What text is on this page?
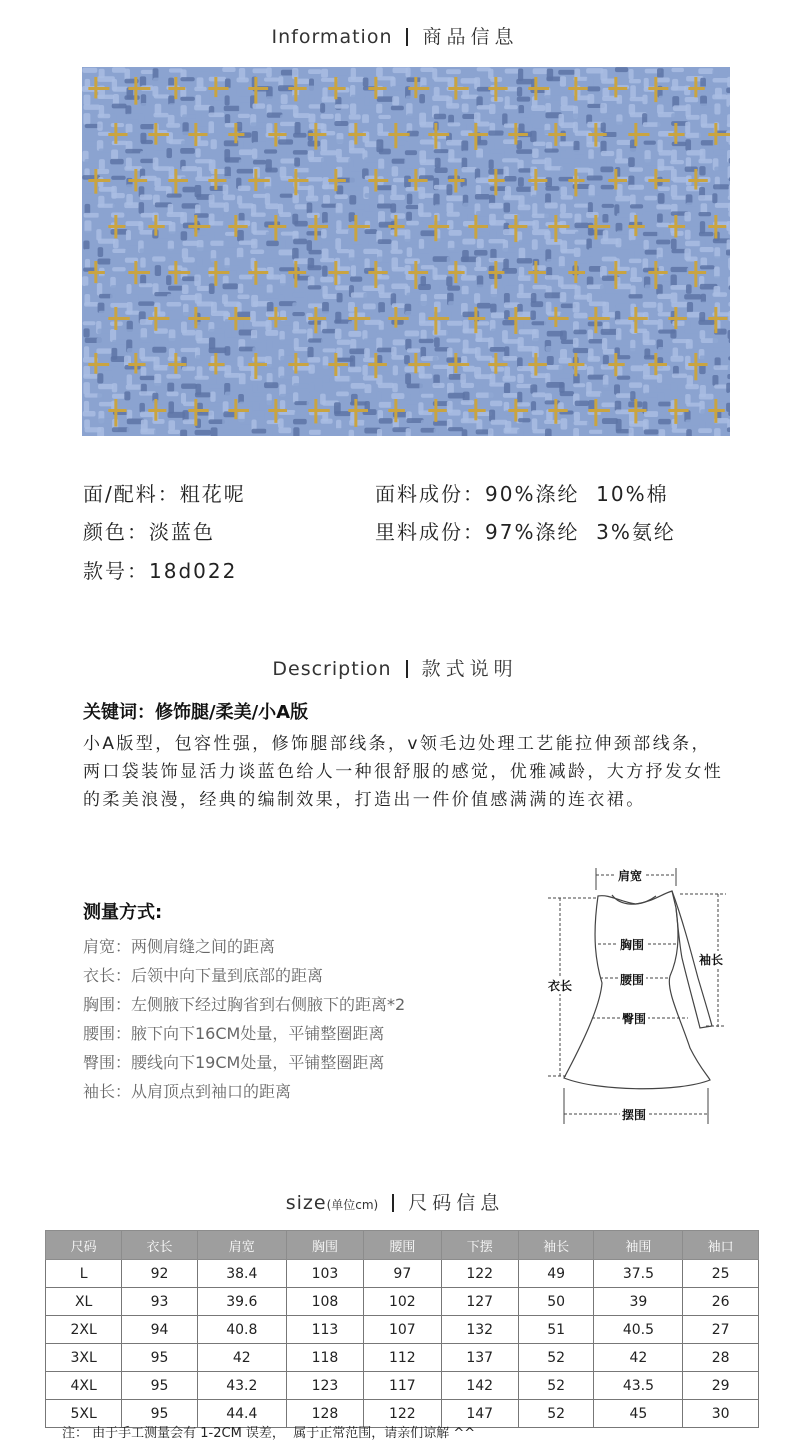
Information 商品信息
面/配料：粗花呢
颜色：淡蓝色
款号：18d022
面料成份：90%涤纶  10%棉
里料成份：97%涤纶  3%氨纶
Description 款式说明
关键词：修饰腿/柔美/小A版
小A版型，包容性强，修饰腿部线条，v领毛边处理工艺能拉伸颈部线条，两口袋装饰显活力谈蓝色给人一种很舒服的感觉，优雅减龄，大方抒发女性的柔美浪漫，经典的编制效果，打造出一件价值感满满的连衣裙。
测量方式:
肩宽：两侧肩缝之间的距离
衣长：后领中向下量到底部的距离
胸围：左侧腋下经过胸省到右侧腋下的距离*2
腰围：腋下向下16CM处量，平铺整圈距离
臀围：腰线向下19CM处量，平铺整圈距离
袖长：从肩顶点到袖口的距离
肩宽
胸围
腰围
臀围
衣长
袖长
摆围
size(单位cm) 尺码信息
尺码	衣长	肩宽	胸围	腰围	下摆	袖长	袖围	袖口
L	92	38.4	103	97	122	49	37.5	25
XL	93	39.6	108	102	127	50	39	26
2XL	94	40.8	113	107	132	51	40.5	27
3XL	95	42	118	112	137	52	42	28
4XL	95	43.2	123	117	142	52	43.5	29
5XL	95	44.4	128	122	147	52	45	30
注： 由于手工测量会有 1-2CM 误差，  属于正常范围，请亲们谅解 ^^
